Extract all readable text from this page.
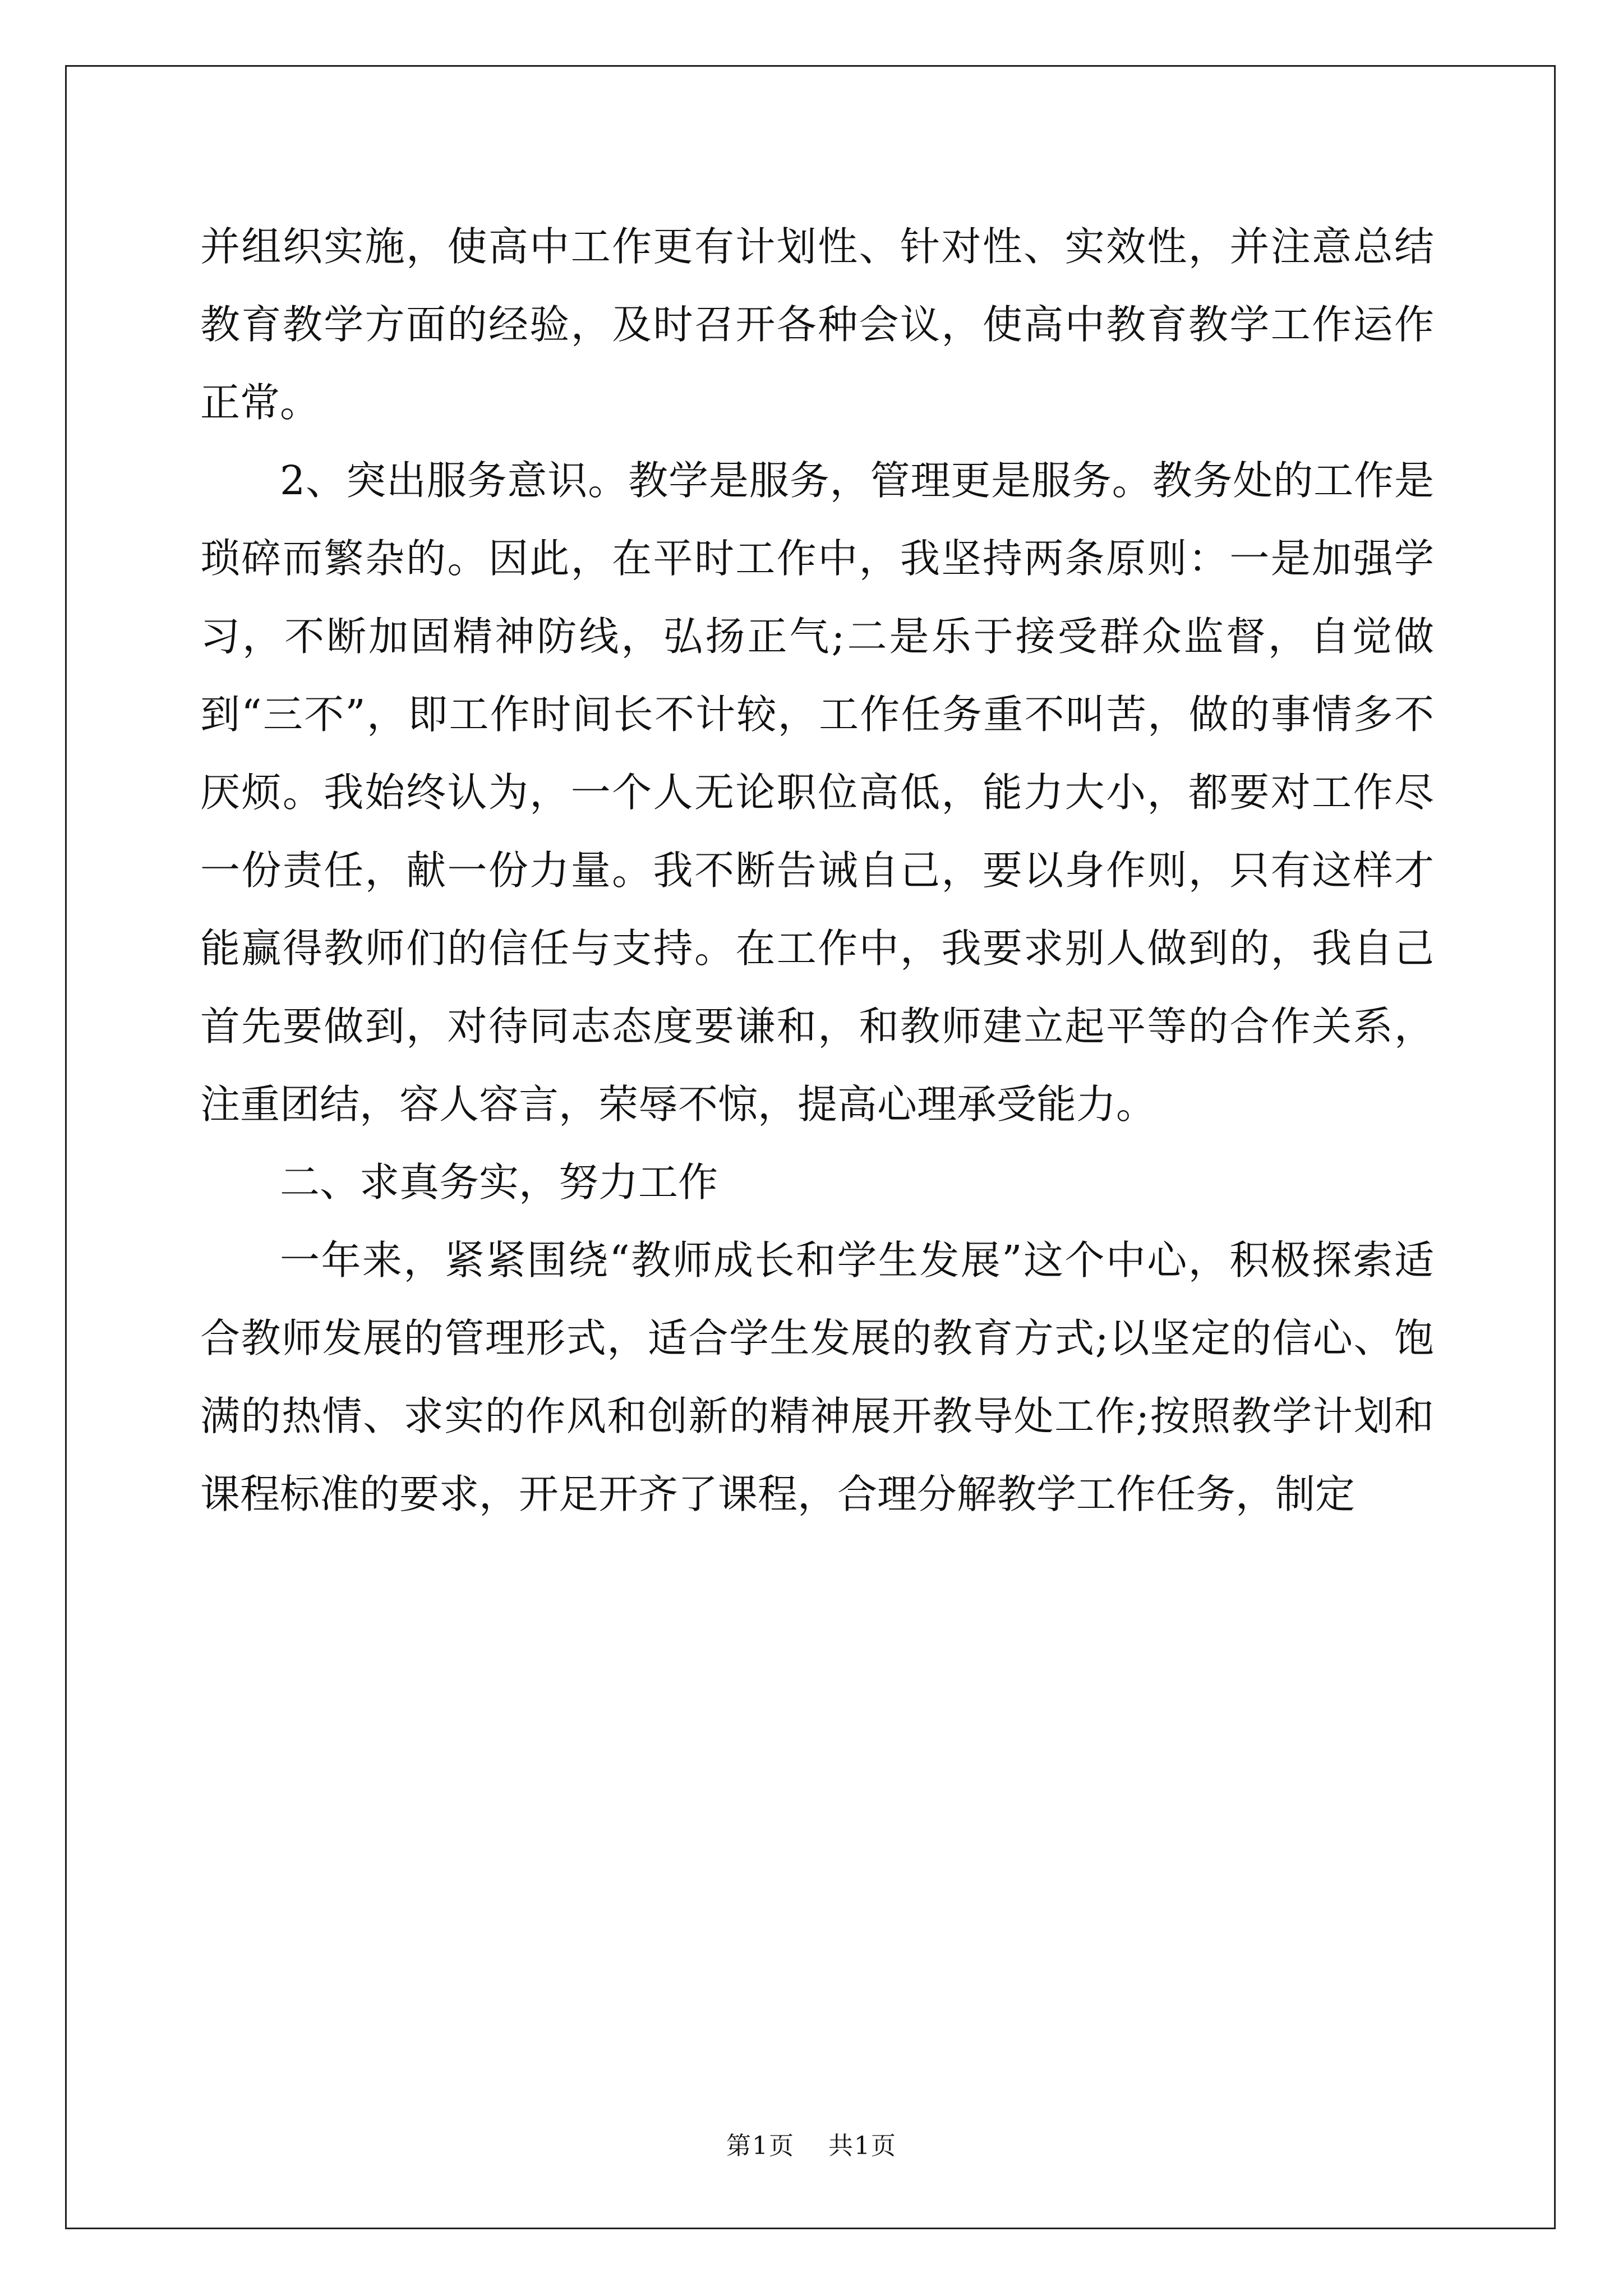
并组织实施，使高中工作更有计划性、针对性、实效性，并注意总结教育教学方面的经验，及时召开各种会议，使高中教育教学工作运作正常。

2、突出服务意识。教学是服务，管理更是服务。教务处的工作是琐碎而繁杂的。因此，在平时工作中，我坚持两条原则：一是加强学习，不断加固精神防线，弘扬正气;二是乐于接受群众监督，自觉做到“三不”，即工作时间长不计较，工作任务重不叫苦，做的事情多不厌烦。我始终认为，一个人无论职位高低，能力大小，都要对工作尽一份责任，献一份力量。我不断告诫自己，要以身作则，只有这样才能赢得教师们的信任与支持。在工作中，我要求别人做到的，我自己首先要做到，对待同志态度要谦和，和教师建立起平等的合作关系，注重团结，容人容言，荣辱不惊，提高心理承受能力。

二、求真务实，努力工作

一年来，紧紧围绕“教师成长和学生发展”这个中心，积极探索适合教师发展的管理形式，适合学生发展的教育方式;以坚定的信心、饱满的热情、求实的作风和创新的精神展开教导处工作;按照教学计划和课程标准的要求，开足开齐了课程，合理分解教学工作任务，制定

第1页 共1页
